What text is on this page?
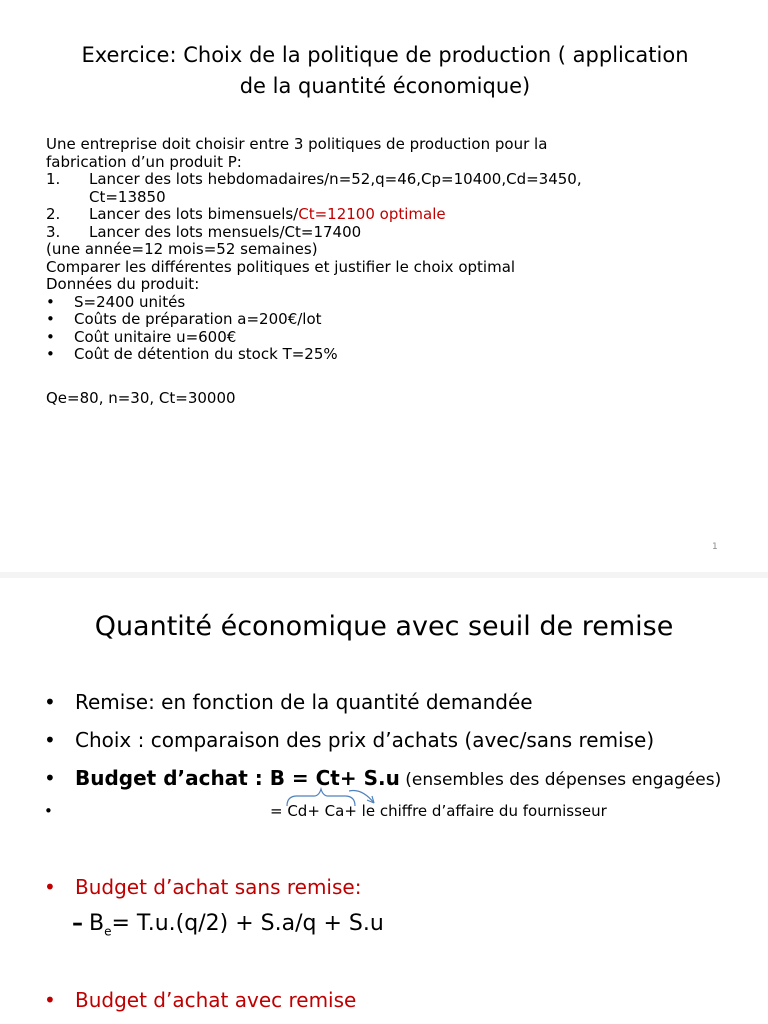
Exercice: Choix de la politique de production ( application
de la quantité économique)
Une entreprise doit choisir entre 3 politiques de production pour la
fabrication d’un produit P:
1. Lancer des lots hebdomadaires/n=52,q=46,Cp=10400,Cd=3450,
Ct=13850
2. Lancer des lots bimensuels/Ct=12100 optimale
3. Lancer des lots mensuels/Ct=17400
(une année=12 mois=52 semaines)
Comparer les différentes politiques et justifier le choix optimal
Données du produit:
• S=2400 unités
• Coûts de préparation a=200€/lot
• Coût unitaire u=600€
• Coût de détention du stock T=25%
Qe=80, n=30, Ct=30000
1
Quantité économique avec seuil de remise
• Remise: en fonction de la quantité demandée
• Choix : comparaison des prix d’achats (avec/sans remise)
• Budget d’achat : B = Ct+ S.u (ensembles des dépenses engagées)
•	= Cd+ Ca+ le chiffre d’affaire du fournisseur
• Budget d’achat sans remise:
– $B_e= T.u.(q/2) + S.a/q + S.u$
• Budget d’achat avec remise
